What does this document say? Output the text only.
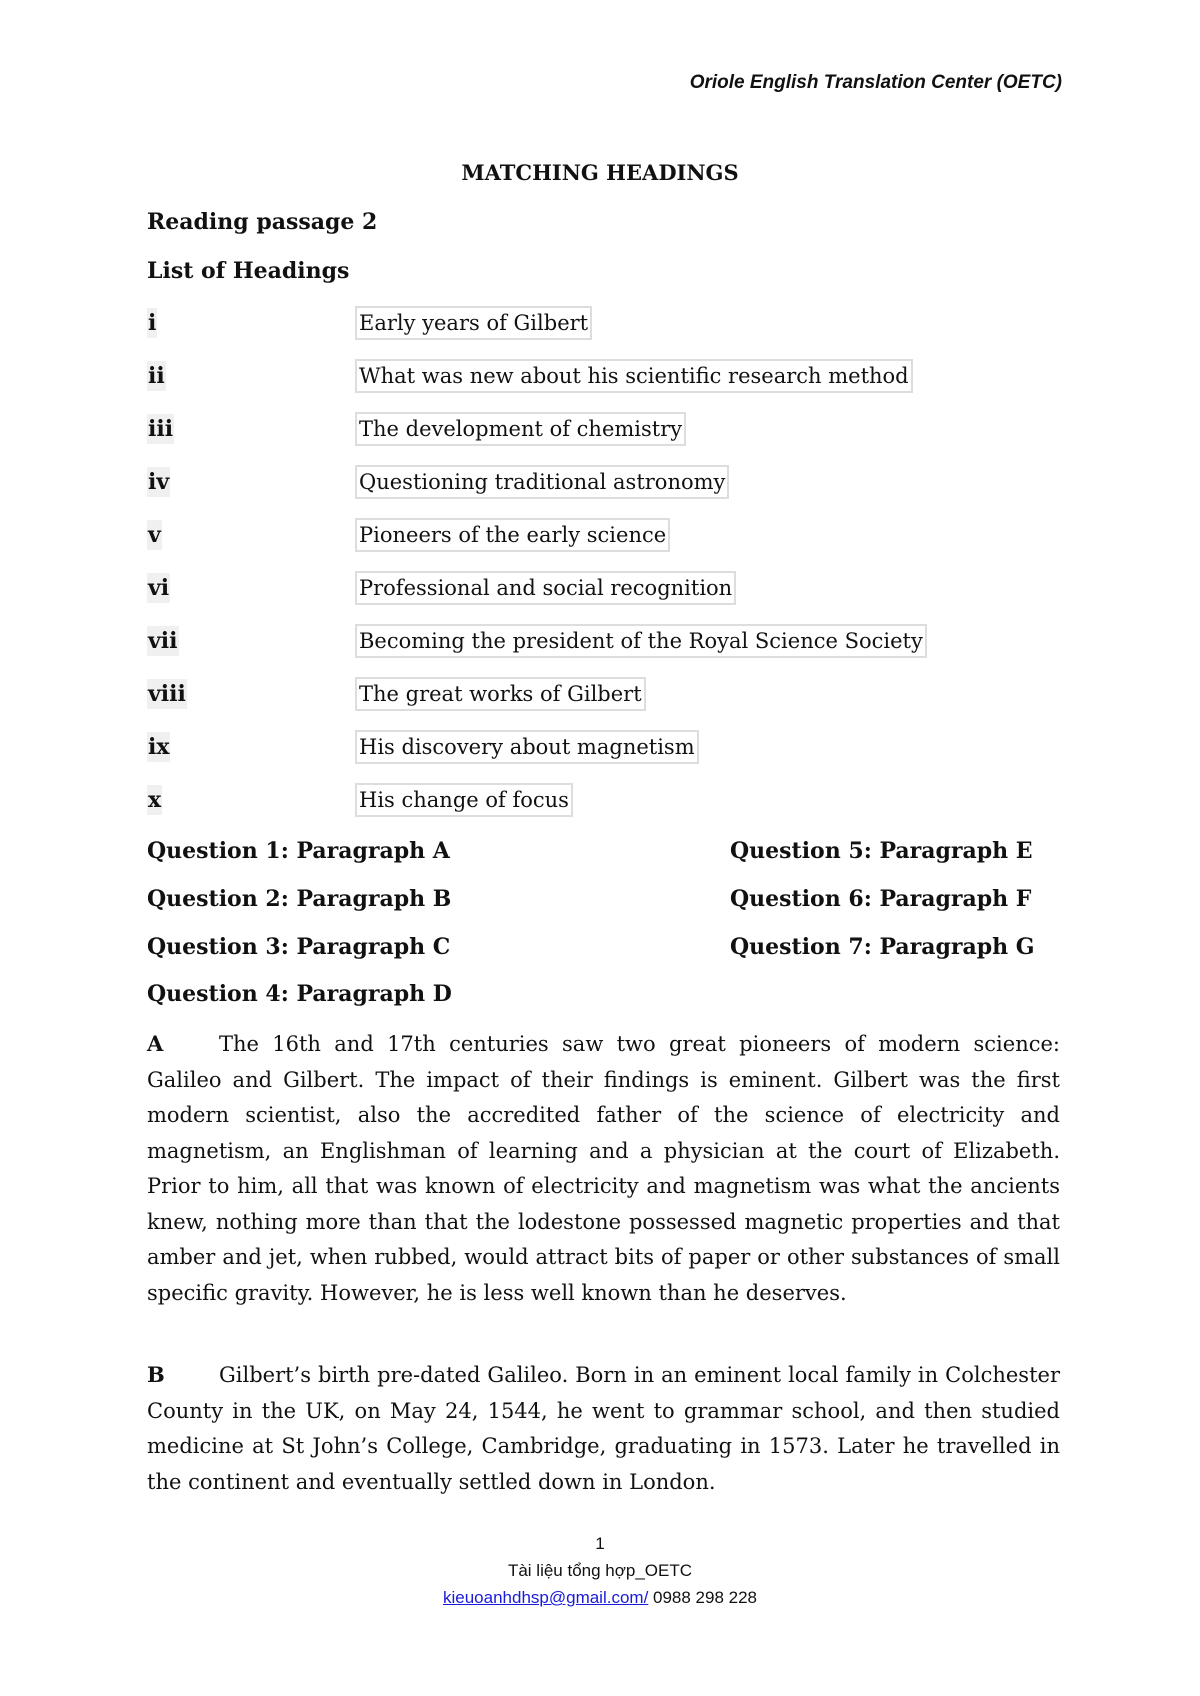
Oriole English Translation Center (OETC)
MATCHING HEADINGS
Reading passage 2
List of Headings
i	Early years of Gilbert
ii	What was new about his scientific research method
iii	The development of chemistry
iv	Questioning traditional astronomy
v	Pioneers of the early science
vi	Professional and social recognition
vii	Becoming the president of the Royal Science Society
viii	The great works of Gilbert
ix	His discovery about magnetism
x	His change of focus
Question 1: Paragraph A
Question 2: Paragraph B
Question 3: Paragraph C
Question 4: Paragraph D
Question 5: Paragraph E
Question 6: Paragraph F
Question 7: Paragraph G

A	The 16th and 17th centuries saw two great pioneers of modern science: Galileo and Gilbert. The impact of their findings is eminent. Gilbert was the first modern scientist, also the accredited father of the science of electricity and magnetism, an Englishman of learning and a physician at the court of Elizabeth. Prior to him, all that was known of electricity and magnetism was what the ancients knew, nothing more than that the lodestone possessed magnetic properties and that amber and jet, when rubbed, would attract bits of paper or other substances of small specific gravity. However, he is less well known than he deserves.

B	Gilbert’s birth pre-dated Galileo. Born in an eminent local family in Colchester County in the UK, on May 24, 1544, he went to grammar school, and then studied medicine at St John’s College, Cambridge, graduating in 1573. Later he travelled in the continent and eventually settled down in London.

1
Tài liệu tổng hợp_OETC
kieuoanhdhsp@gmail.com/ 0988 298 228
